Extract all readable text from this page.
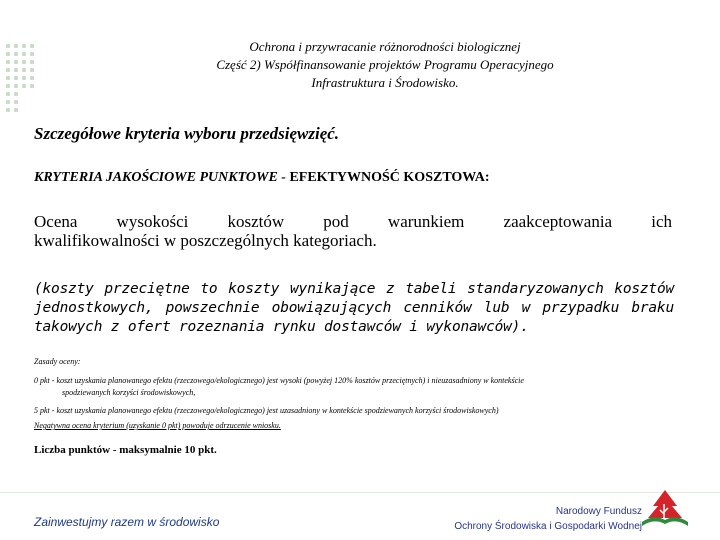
Ochrona i przywracanie różnorodności biologicznej
Część 2) Współfinansowanie projektów Programu Operacyjnego
Infrastruktura i Środowisko.
Szczegółowe kryteria wyboru przedsięwzięć.
KRYTERIA JAKOŚCIOWE PUNKTOWE - EFEKTYWNOŚĆ KOSZTOWA:
Ocena wysokości kosztów pod warunkiem zaakceptowania ich
kwalifikowalności w poszczególnych kategoriach.
(koszty przeciętne to koszty wynikające z tabeli standaryzowanych kosztów
jednostkowych, powszechnie obowiązujących cenników lub w przypadku braku
takowych z ofert rozeznania rynku dostawców i wykonawców).
Zasady oceny:
0 pkt - koszt uzyskania planowanego efektu (rzeczowego/ekologicznego) jest wysoki (powyżej 120% kosztów przeciętnych) i nieuzasadniony w kontekście
spodziewanych korzyści środowiskowych,
5 pkt - koszt uzyskania planowanego efektu (rzeczowego/ekologicznego) jest uzasadniony w kontekście spodziewanych korzyści środowiskowych)
Negatywna ocena kryterium (uzyskanie 0 pkt) powoduje odrzucenie wniosku.
Liczba punktów - maksymalnie 10 pkt.
Zainwestujmy razem w środowisko
Narodowy Fundusz
Ochrony Środowiska i Gospodarki Wodnej
